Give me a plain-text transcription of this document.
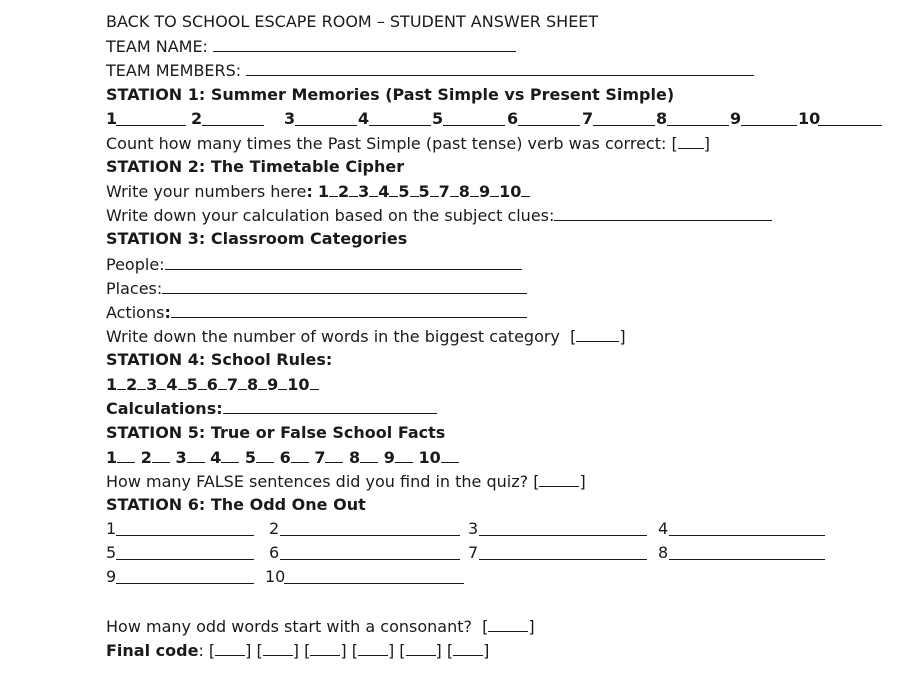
BACK TO SCHOOL ESCAPE ROOM – STUDENT ANSWER SHEET
TEAM NAME:
TEAM MEMBERS:
STATION 1: Summer Memories (Past Simple vs Present Simple)
1	2	3	4	5	6	7	8	9	10
Count how many times the Past Simple (past tense) verb was correct: [ ]
STATION 2: The Timetable Cipher
Write your numbers here: 1 2 3 4 5 5 7 8 9 10
Write down your calculation based on the subject clues:
STATION 3: Classroom Categories
People:
Places:
Actions:
Write down the number of words in the biggest category  [	]
STATION 4: School Rules:
1 2 3 4 5 6 7 8 9 10
Calculations:
STATION 5: True or False School Facts
1 2 3 4 5 6 7 8 9 10
How many FALSE sentences did you find in the quiz? [	]
STATION 6: The Odd One Out
1	2	3	4
5	6	7	8
9	10
How many odd words start with a consonant?  [	]
Final code: [ ] [ ] [ ] [ ] [ ] [ ]
